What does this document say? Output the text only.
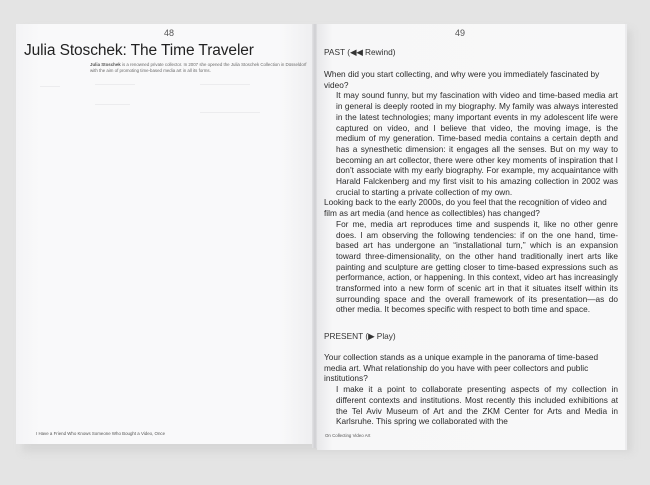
48
Julia Stoschek: The Time Traveler
Julia Stoschek is a renowned private collector. In 2007 she opened the Julia Stoschek Collection in Düsseldorf with the aim of promoting time-based media art in all its forms.
I Have a Friend Who Knows Someone Who Bought a Video, Once
49
PAST (◀◀ Rewind)

When did you start collecting, and why were you immediately fascinated by video?

It may sound funny, but my fascination with video and time-based media art in general is deeply rooted in my biography. My family was always interested in the latest technologies; many important events in my adolescent life were captured on video, and I believe that video, the moving image, is the medium of my generation. Time-based media contains a certain depth and has a synesthetic dimension: it engages all the senses. But on my way to becoming an art collector, there were other key moments of inspiration that I don’t associate with my early biography. For example, my acquaintance with Harald Falckenberg and my first visit to his amazing collection in 2002 was crucial to starting a private collection of my own.

Looking back to the early 2000s, do you feel that the recognition of video and film as art media (and hence as collectibles) has changed?

For me, media art reproduces time and suspends it, like no other genre does. I am observing the following tendencies: if on the one hand, time-based art has undergone an “installational turn,” which is an expansion toward three-dimensionality, on the other hand traditionally inert arts like painting and sculpture are getting closer to time-based expressions such as performance, action, or happening. In this context, video art has increasingly transformed into a new form of scenic art in that it situates itself within its surrounding space and the overall framework of its presentation—as do other media. It becomes specific with respect to both time and space.

PRESENT (▶ Play)

Your collection stands as a unique example in the panorama of time-based media art. What relationship do you have with peer collectors and public institutions?

I make it a point to collaborate presenting aspects of my collection in different contexts and institutions. Most recently this included exhibitions at the Tel Aviv Museum of Art and the ZKM Center for Arts and Media in Karlsruhe. This spring we collaborated with the

On Collecting Video Art
